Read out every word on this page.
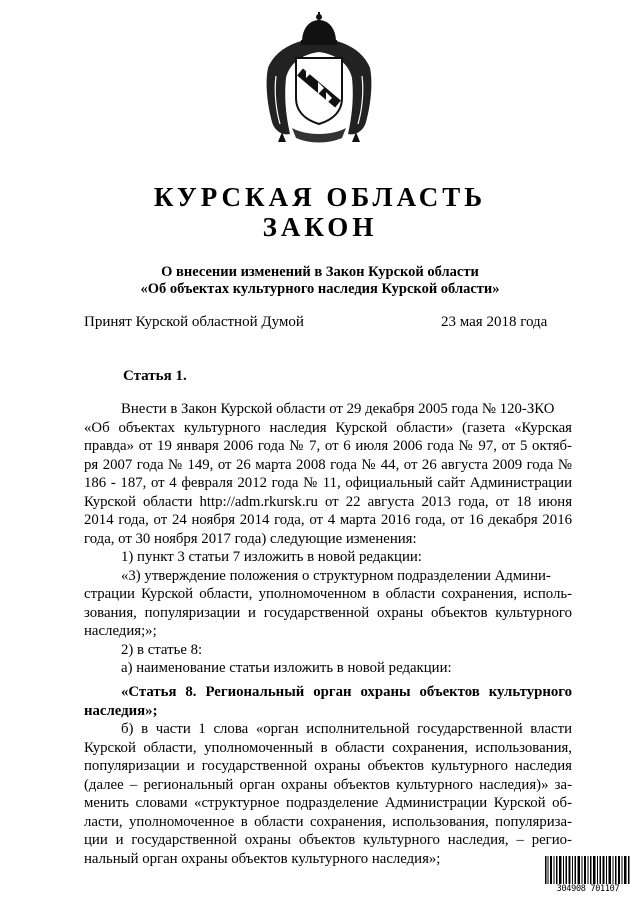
КУРСКАЯ ОБЛАСТЬ
ЗАКОН
О внесении изменений в Закон Курской области
«Об объектах культурного наследия Курской области»
Принят Курской областной Думой	23 мая 2018 года
Статья 1.
Внести в Закон Курской области от 29 декабря 2005 года № 120-ЗКО
«Об объектах культурного наследия Курской области» (газета «Курская
правда» от 19 января 2006 года № 7, от 6 июля 2006 года № 97, от 5 октяб-
ря 2007 года № 149, от 26 марта 2008 года № 44, от 26 августа 2009 года №
186 - 187, от 4 февраля 2012 года № 11, официальный сайт Администрации
Курской области http://adm.rkursk.ru от 22 августа 2013 года, от 18 июня
2014 года, от 24 ноября 2014 года, от 4 марта 2016 года, от 16 декабря 2016
года, от 30 ноября 2017 года) следующие изменения:
1) пункт 3 статьи 7 изложить в новой редакции:
«3) утверждение положения о структурном подразделении Админи-
страции Курской области, уполномоченном в области сохранения, исполь-
зования, популяризации и государственной охраны объектов культурного
наследия;»;
2) в статье 8:
а) наименование статьи изложить в новой редакции:
«Статья 8. Региональный орган охраны объектов культурного
наследия»;
б) в части 1 слова «орган исполнительной государственной власти
Курской области, уполномоченный в области сохранения, использования,
популяризации и государственной охраны объектов культурного наследия
(далее – региональный орган охраны объектов культурного наследия)» за-
менить словами «структурное подразделение Администрации Курской об-
ласти, уполномоченное в области сохранения, использования, популяриза-
ции и государственной охраны объектов культурного наследия, – регио-
нальный орган охраны объектов культурного наследия»;
304908 701107
